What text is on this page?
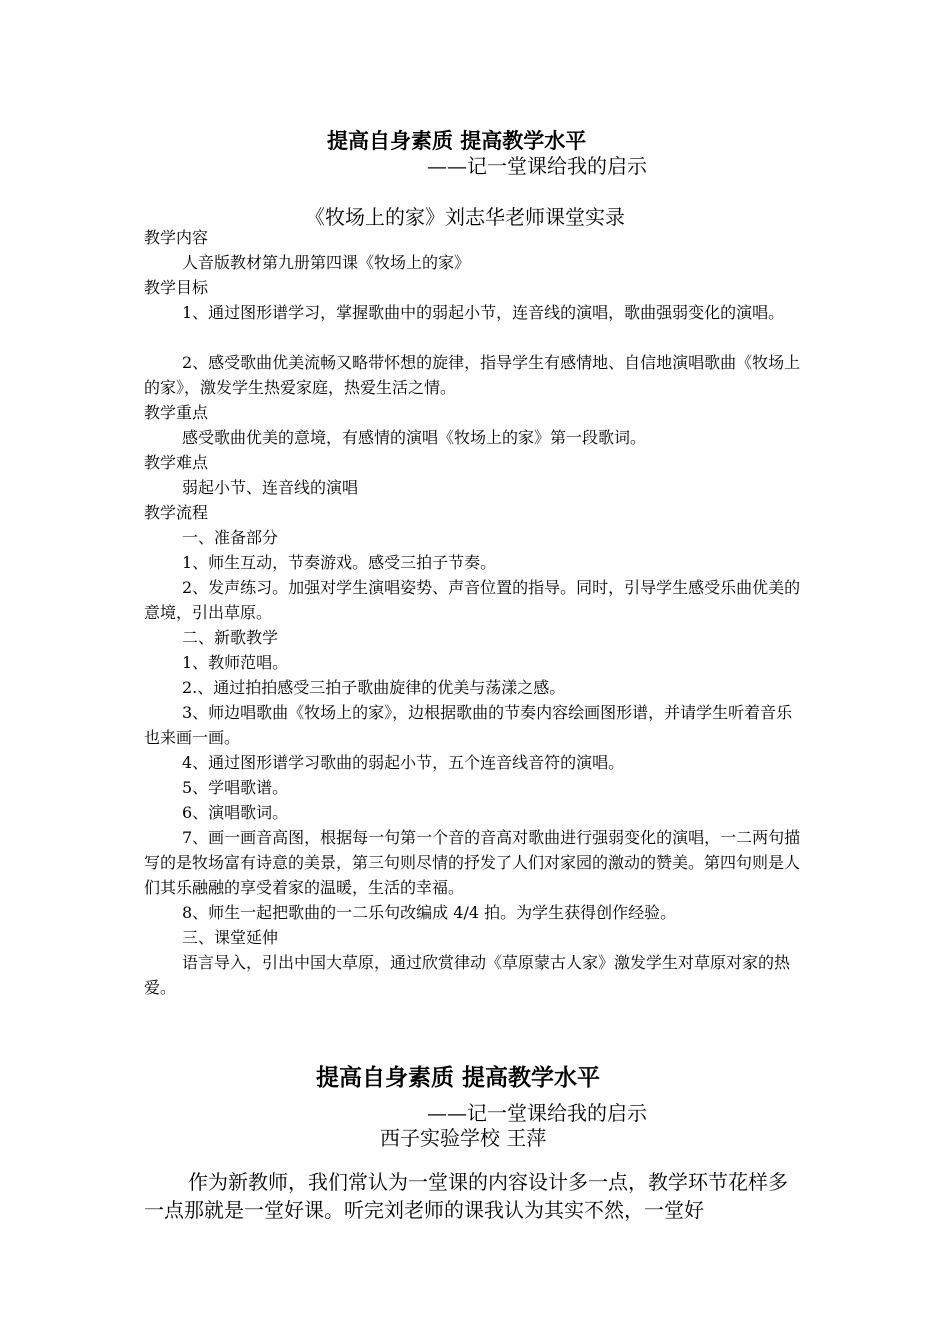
提高自身素质 提高教学水平
——记一堂课给我的启示
《牧场上的家》刘志华老师课堂实录
教学内容
人音版教材第九册第四课《牧场上的家》
教学目标
1、通过图形谱学习，掌握歌曲中的弱起小节，连音线的演唱，歌曲强弱变化的演唱。
2、感受歌曲优美流畅又略带怀想的旋律，指导学生有感情地、自信地演唱歌曲《牧场上的家》，激发学生热爱家庭，热爱生活之情。
教学重点
感受歌曲优美的意境，有感情的演唱《牧场上的家》第一段歌词。
教学难点
弱起小节、连音线的演唱
教学流程
一、准备部分
1、师生互动，节奏游戏。感受三拍子节奏。
2、发声练习。加强对学生演唱姿势、声音位置的指导。同时，引导学生感受乐曲优美的意境，引出草原。
二、新歌教学
1、教师范唱。
2.、通过拍拍感受三拍子歌曲旋律的优美与荡漾之感。
3、师边唱歌曲《牧场上的家》，边根据歌曲的节奏内容绘画图形谱，并请学生听着音乐也来画一画。
4、通过图形谱学习歌曲的弱起小节，五个连音线音符的演唱。
5、学唱歌谱。
6、演唱歌词。
7、画一画音高图，根据每一句第一个音的音高对歌曲进行强弱变化的演唱，一二两句描写的是牧场富有诗意的美景，第三句则尽情的抒发了人们对家园的激动的赞美。第四句则是人们其乐融融的享受着家的温暖，生活的幸福。
8、师生一起把歌曲的一二乐句改编成 4/4 拍。为学生获得创作经验。
三、课堂延伸
语言导入，引出中国大草原，通过欣赏律动《草原蒙古人家》激发学生对草原对家的热爱。
提高自身素质 提高教学水平
——记一堂课给我的启示
西子实验学校 王萍
作为新教师，我们常认为一堂课的内容设计多一点，教学环节花样多一点那就是一堂好课。听完刘老师的课我认为其实不然，一堂好
